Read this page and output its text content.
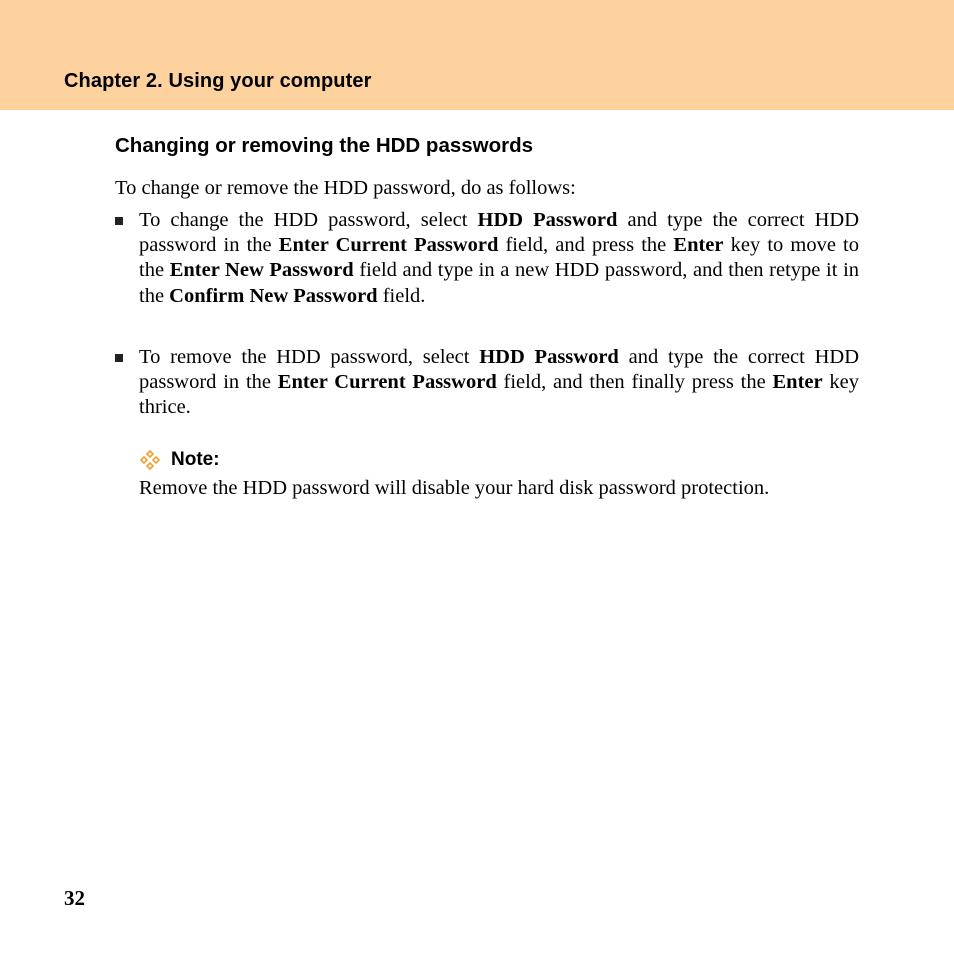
Chapter 2. Using your computer
Changing or removing the HDD passwords
To change or remove the HDD password, do as follows:
To change the HDD password, select HDD Password and type the correct HDD password in the Enter Current Password field, and press the Enter key to move to the Enter New Password field and type in a new HDD password, and then retype it in the Confirm New Password field.
To remove the HDD password, select HDD Password and type the correct HDD password in the Enter Current Password field, and then finally press the Enter key thrice.
Note:
Remove the HDD password will disable your hard disk password protection.
32
